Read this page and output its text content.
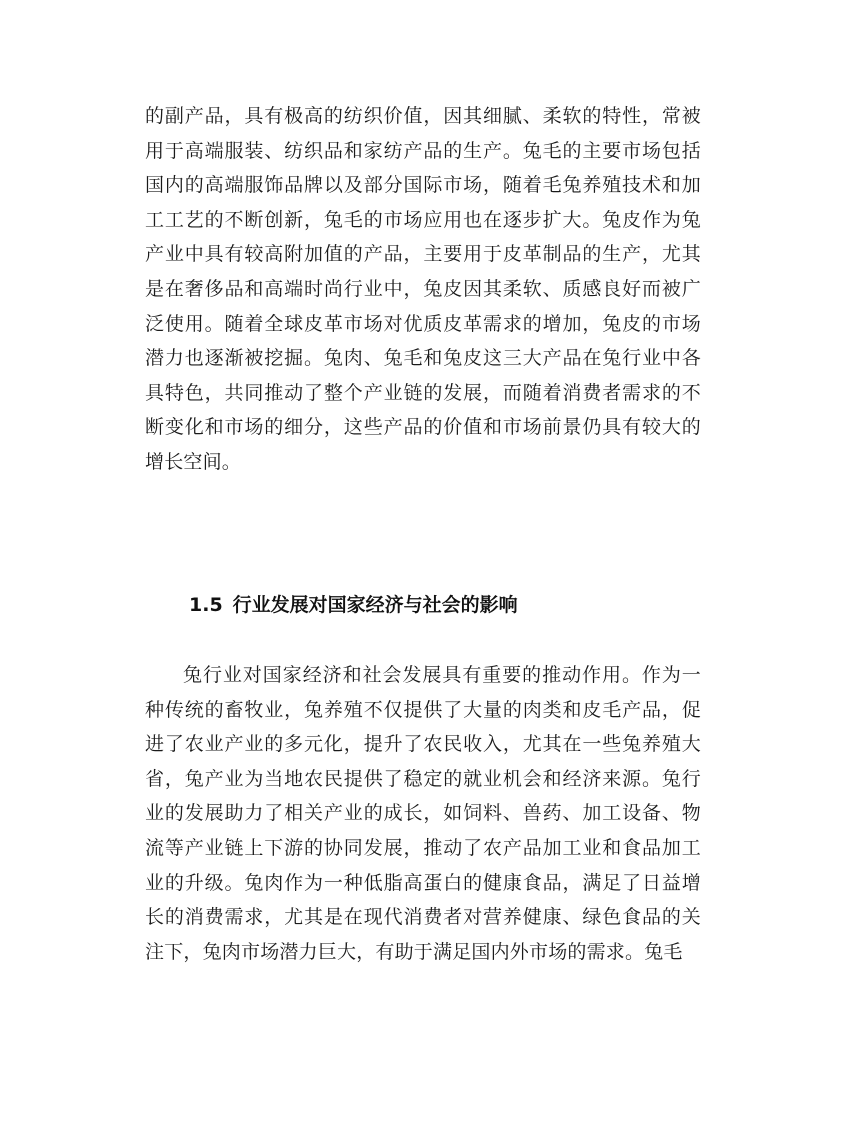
的副产品，具有极高的纺织价值，因其细腻、柔软的特性，常被用于高端服装、纺织品和家纺产品的生产。兔毛的主要市场包括国内的高端服饰品牌以及部分国际市场，随着毛兔养殖技术和加工工艺的不断创新，兔毛的市场应用也在逐步扩大。兔皮作为兔产业中具有较高附加值的产品，主要用于皮革制品的生产，尤其是在奢侈品和高端时尚行业中，兔皮因其柔软、质感良好而被广泛使用。随着全球皮革市场对优质皮革需求的增加，兔皮的市场潜力也逐渐被挖掘。兔肉、兔毛和兔皮这三大产品在兔行业中各具特色，共同推动了整个产业链的发展，而随着消费者需求的不断变化和市场的细分，这些产品的价值和市场前景仍具有较大的增长空间。

1.5 行业发展对国家经济与社会的影响

兔行业对国家经济和社会发展具有重要的推动作用。作为一种传统的畜牧业，兔养殖不仅提供了大量的肉类和皮毛产品，促进了农业产业的多元化，提升了农民收入，尤其在一些兔养殖大省，兔产业为当地农民提供了稳定的就业机会和经济来源。兔行业的发展助力了相关产业的成长，如饲料、兽药、加工设备、物流等产业链上下游的协同发展，推动了农产品加工业和食品加工业的升级。兔肉作为一种低脂高蛋白的健康食品，满足了日益增长的消费需求，尤其是在现代消费者对营养健康、绿色食品的关注下，兔肉市场潜力巨大，有助于满足国内外市场的需求。兔毛
